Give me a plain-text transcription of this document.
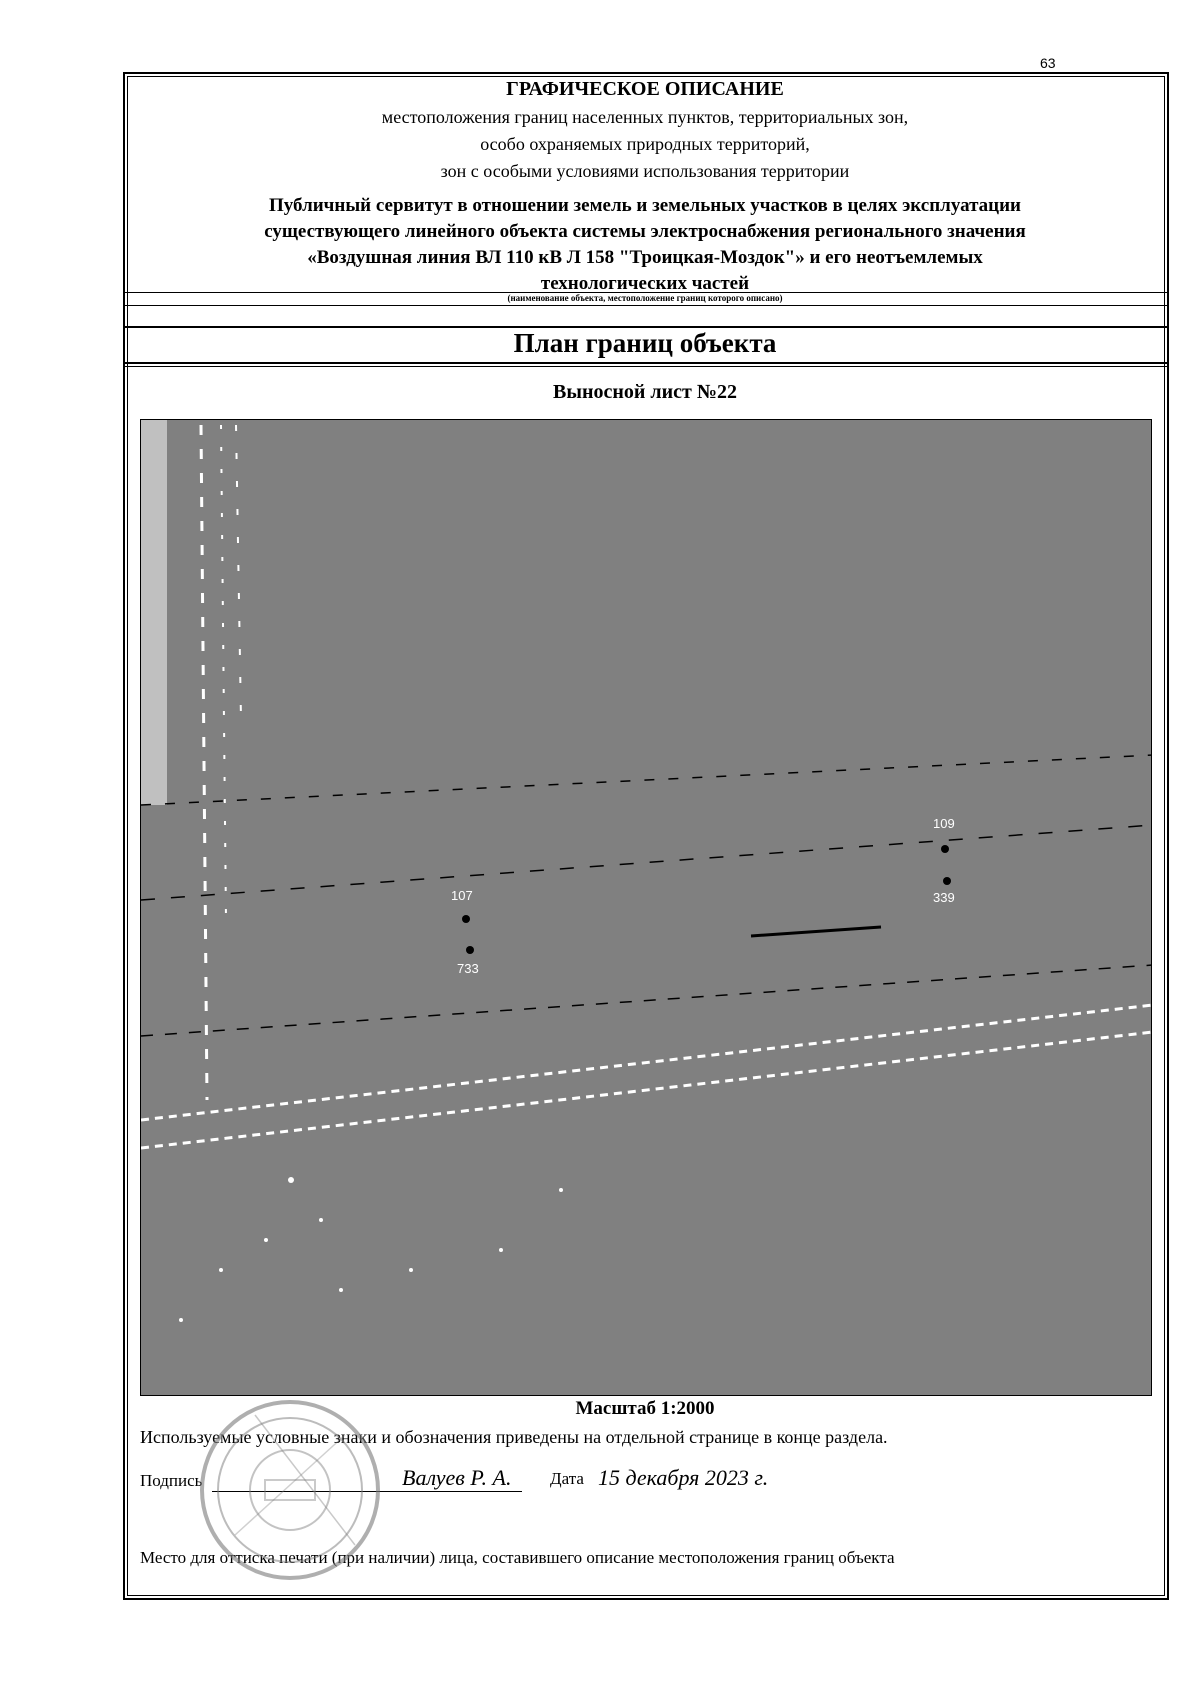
63
ГРАФИЧЕСКОЕ ОПИСАНИЕ
местоположения границ населенных пунктов, территориальных зон,
особо охраняемых природных территорий,
зон с особыми условиями использования территории
Публичный сервитут в отношении земель и земельных участков в целях эксплуатации
существующего линейного объекта системы электроснабжения регионального значения
«Воздушная линия ВЛ 110 кВ Л 158 "Троицкая-Моздок"» и его неотъемлемых
технологических частей
(наименование объекта, местоположение границ которого описано)
План границ объекта
Выносной лист №22
107
733
109
339
Масштаб 1:2000
Используемые условные знаки и обозначения приведены на отдельной странице в конце раздела.
Подпись	Валуев Р. А. Дата 15 декабря 2023 г.
Место для оттиска печати (при наличии) лица, составившего описание местоположения границ объекта
